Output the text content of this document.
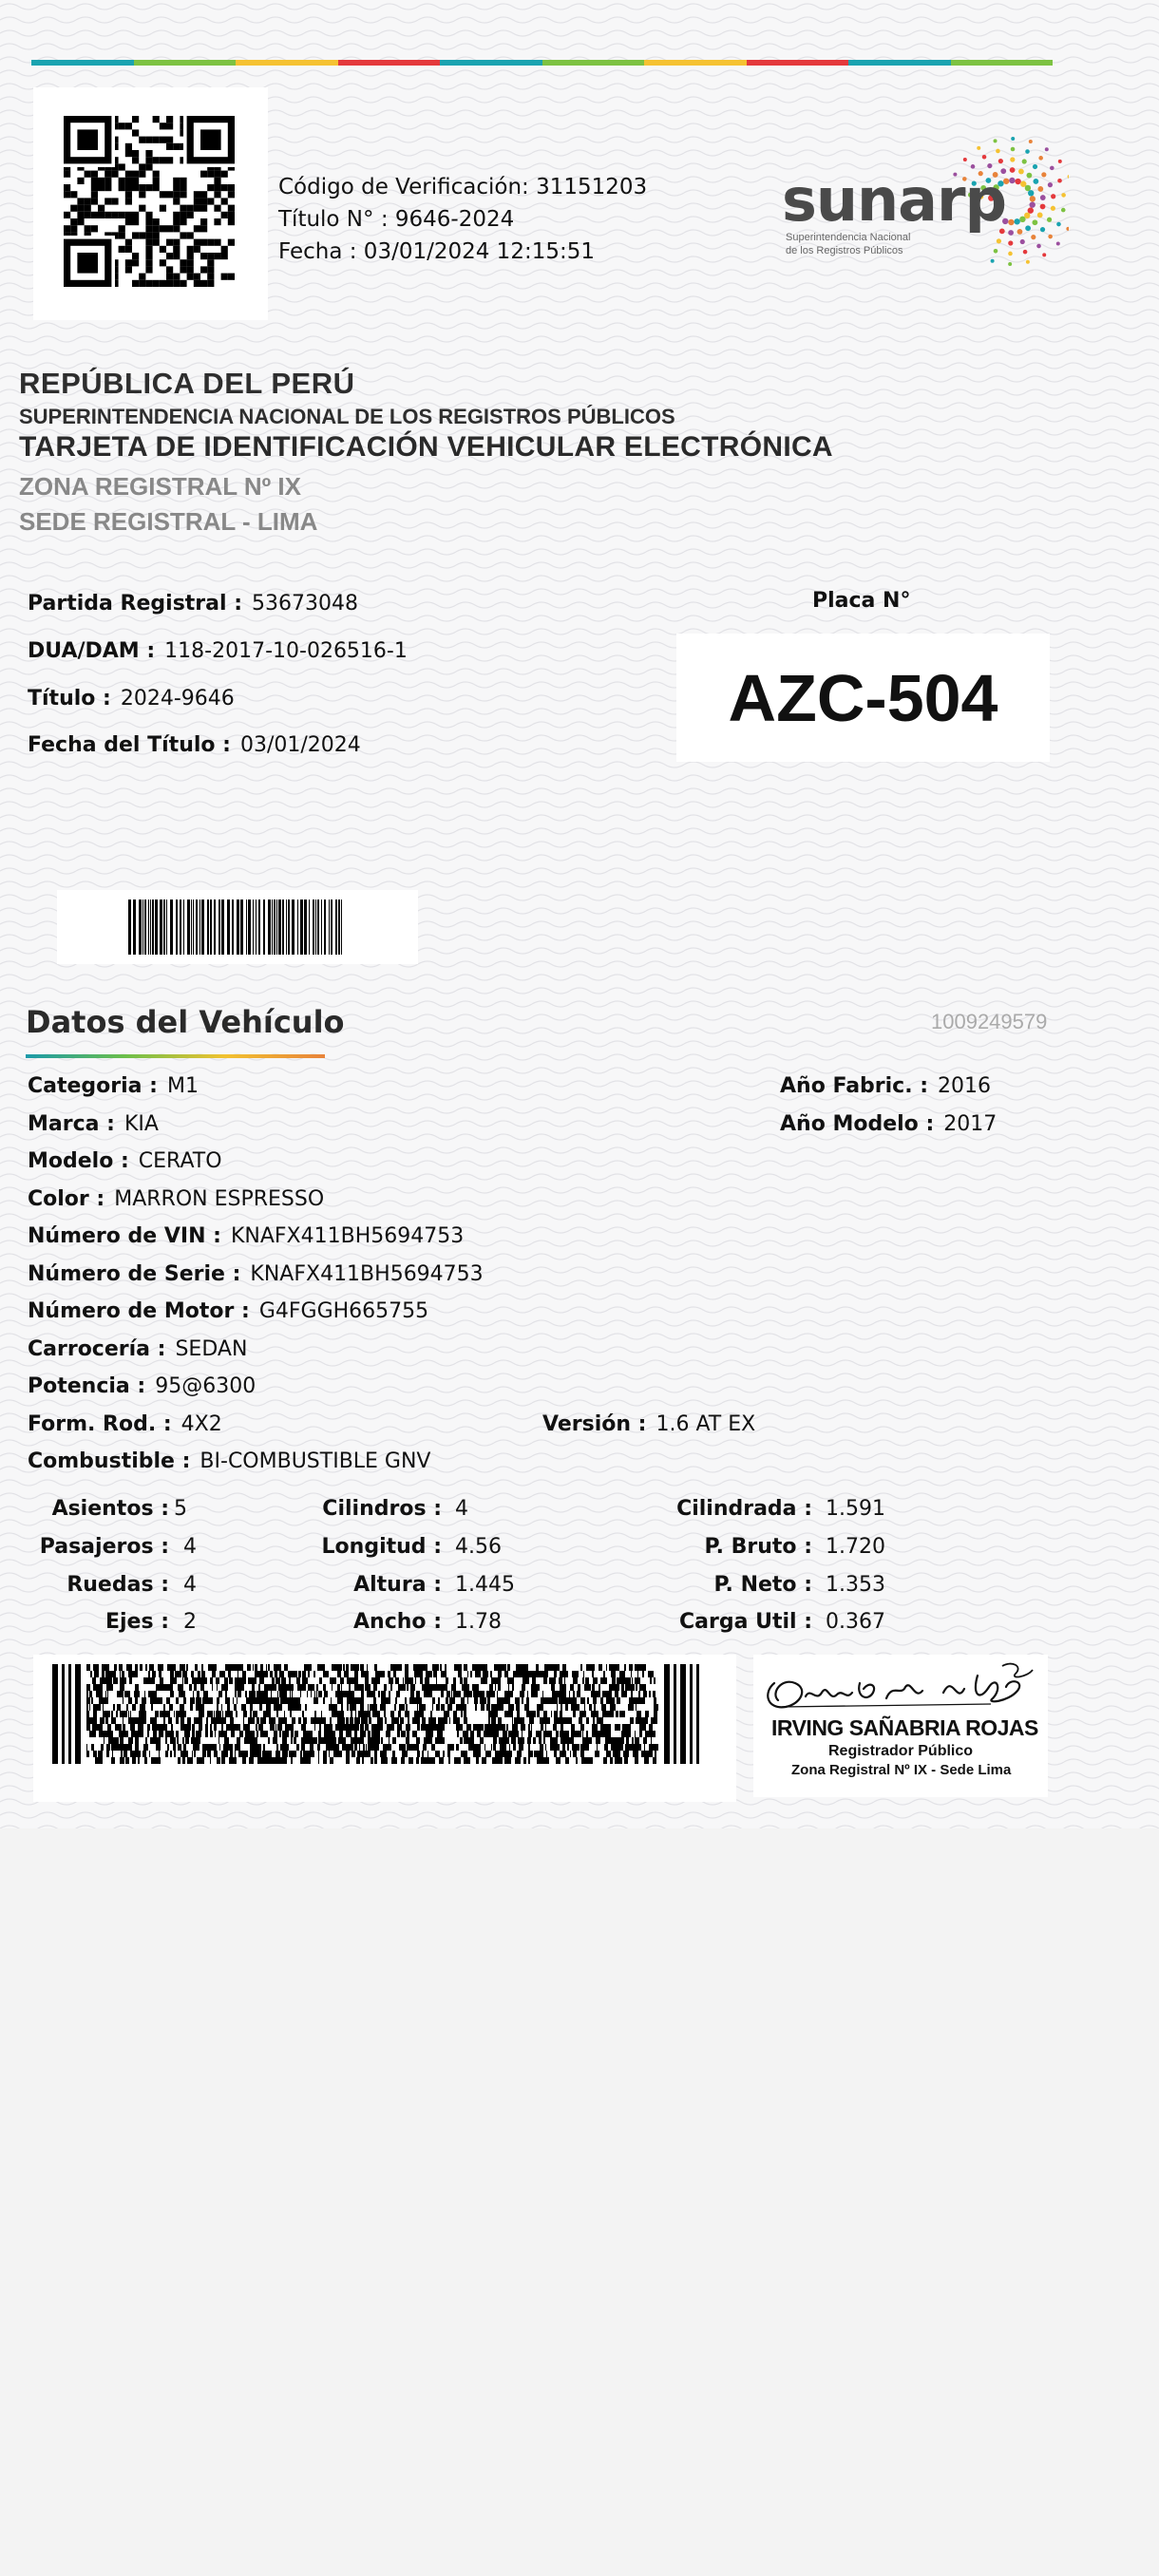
Código de Verificación: 31151203
Título N° : 9646-2024
Fecha : 03/01/2024 12:15:51
sunarp
Superintendencia Nacional
de los Registros Públicos
REPÚBLICA DEL PERÚ
SUPERINTENDENCIA NACIONAL DE LOS REGISTROS PÚBLICOS
TARJETA DE IDENTIFICACIÓN VEHICULAR ELECTRÓNICA
ZONA REGISTRAL Nº IX
SEDE REGISTRAL - LIMA
Partida Registral : 53673048
DUA/DAM : 118-2017-10-026516-1
Título : 2024-9646
Fecha del Título : 03/01/2024
Placa N°
AZC-504
Datos del Vehículo	1009249579
Categoria : M1
Marca : KIA
Modelo : CERATO
Color : MARRON ESPRESSO
Número de VIN : KNAFX411BH5694753
Número de Serie : KNAFX411BH5694753
Número de Motor : G4FGGH665755
Carrocería : SEDAN
Potencia : 95@6300
Form. Rod. : 4X2	Versión : 1.6 AT EX
Combustible : BI-COMBUSTIBLE GNV
Año Fabric. : 2016
Año Modelo : 2017
Asientos : 5
Pasajeros : 4
Ruedas : 4
Ejes : 2
Cilindros : 4
Longitud : 4.56
Altura : 1.445
Ancho : 1.78
Cilindrada : 1.591
P. Bruto : 1.720
P. Neto : 1.353
Carga Util : 0.367
IRVING SAÑABRIA ROJAS
Registrador Público
Zona Registral Nº IX - Sede Lima
